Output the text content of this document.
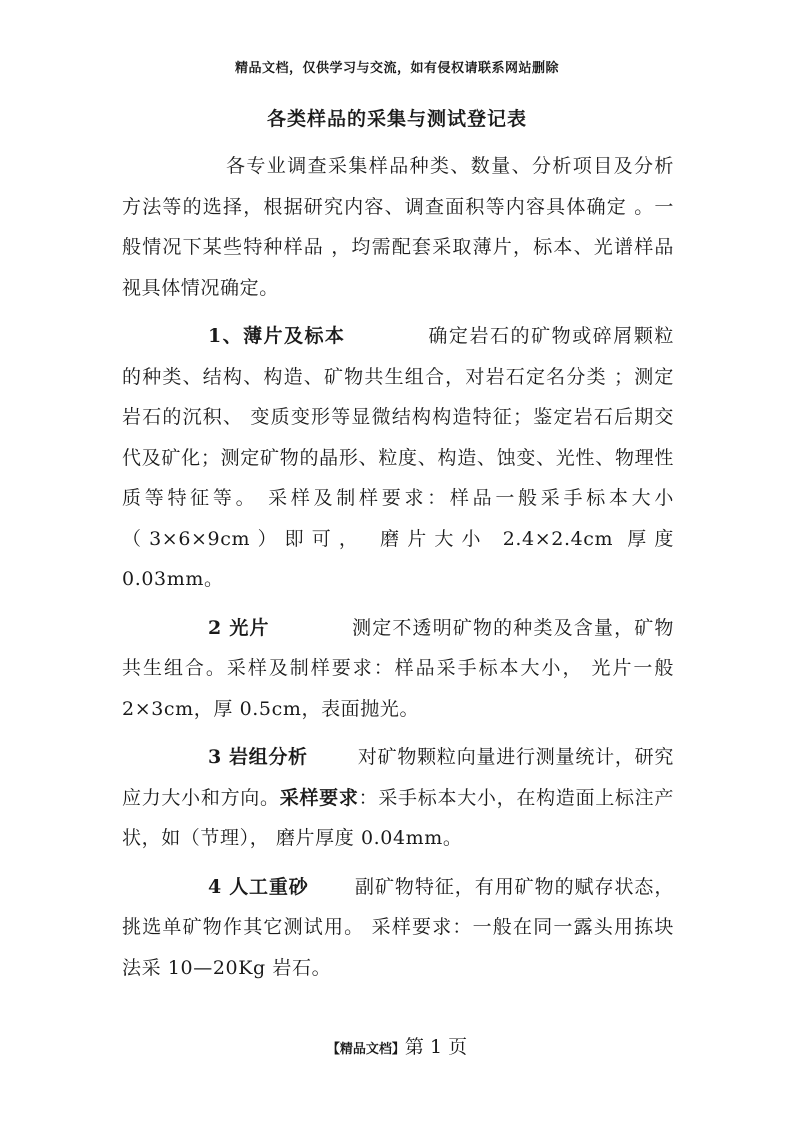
精品文档，仅供学习与交流，如有侵权请联系网站删除
各类样品的采集与测试登记表

各专业调查采集样品种类、数量、分析项目及分析方法等的选择，根据研究内容、调查面积等内容具体确定 。一般情况下某些特种样品 ，均需配套采取薄片，标本、光谱样品视具体情况确定。

1、薄片及标本	确定岩石的矿物或碎屑颗粒的种类、结构、构造、矿物共生组合，对岩石定名分类 ；测定岩石的沉积、 变质变形等显微结构构造特征；鉴定岩石后期交代及矿化；测定矿物的晶形、粒度、构造、蚀变、光性、物理性质等特征等。 采样及制样要求：样品一般采手标本大小（3×6×9cm）即可， 磨片大小 2.4×2.4cm 厚度 0.03mm。

2 光片	测定不透明矿物的种类及含量，矿物共生组合。采样及制样要求：样品采手标本大小， 光片一般 2×3cm，厚 0.5cm，表面抛光。

3 岩组分析	对矿物颗粒向量进行测量统计，研究应力大小和方向。采样要求：采手标本大小，在构造面上标注产状，如（节理）， 磨片厚度 0.04mm。

4 人工重砂 副矿物特征，有用矿物的赋存状态，挑选单矿物作其它测试用。 采样要求：一般在同一露头用拣块法采 10—20Kg 岩石。

【精品文档】第 1 页
